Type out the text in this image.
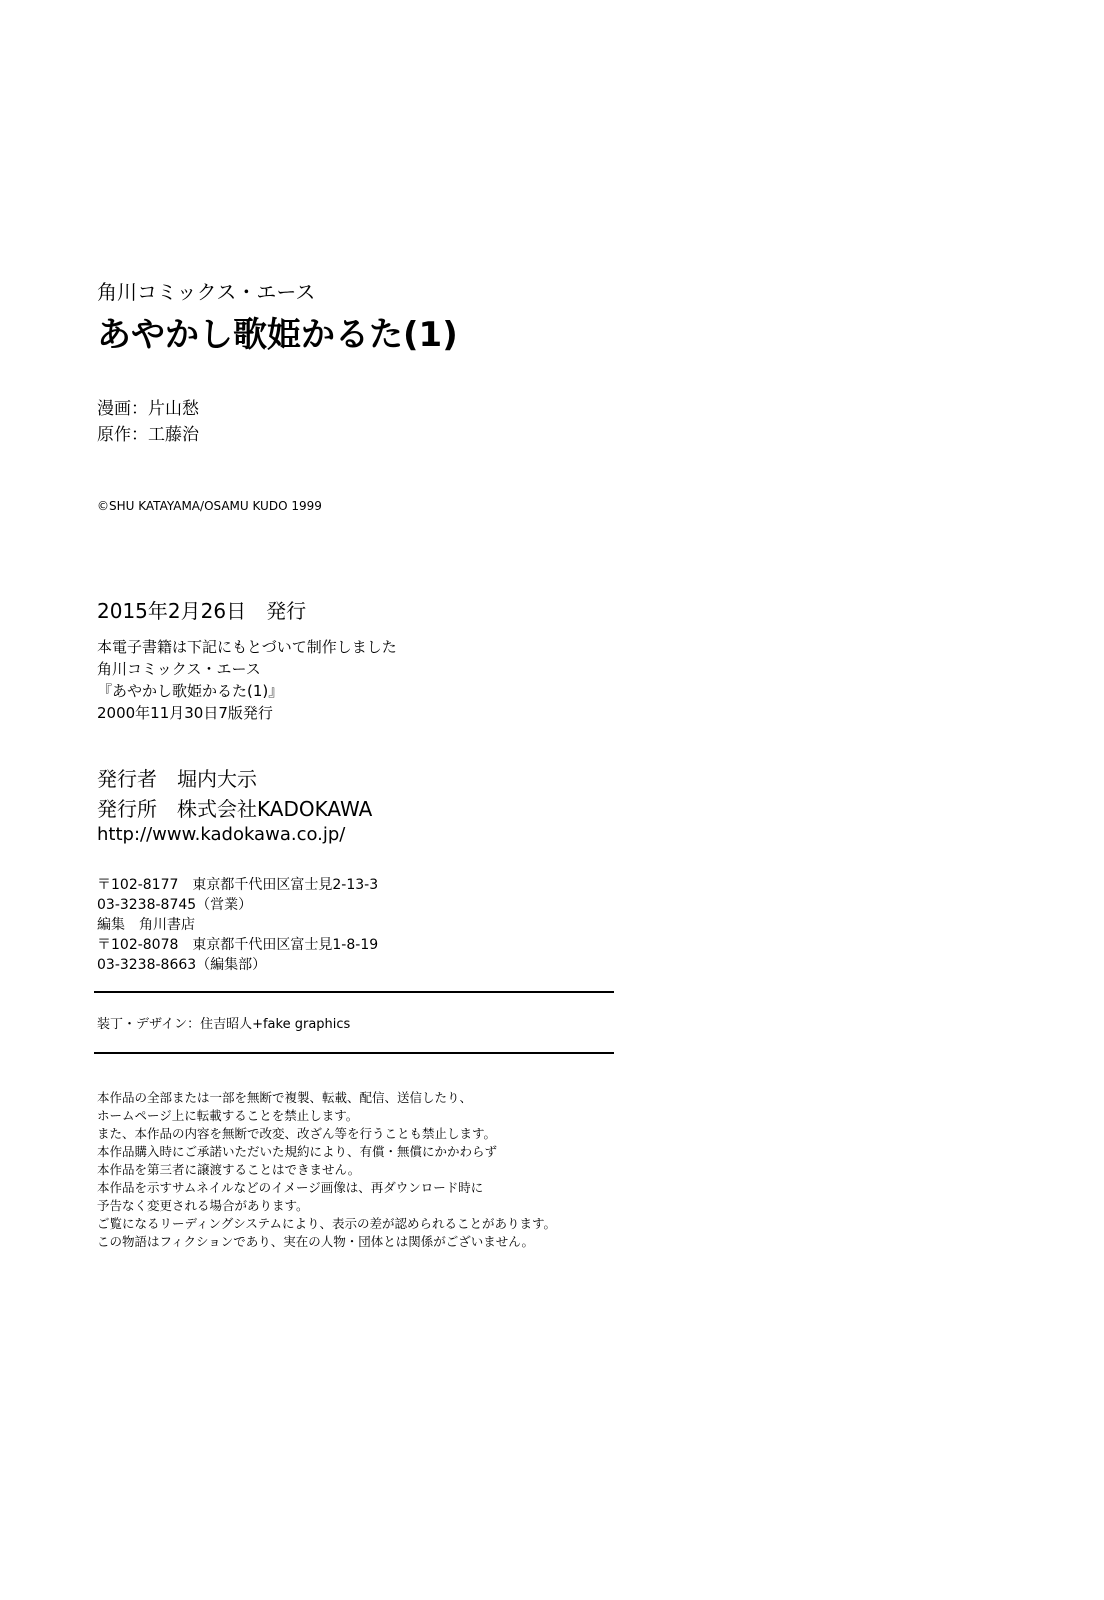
角川コミックス・エース

あやかし歌姫かるた(1)

漫画：片山愁

原作：工藤治

©SHU KATAYAMA/OSAMU KUDO 1999

2015年2月26日　発行

本電子書籍は下記にもとづいて制作しました

角川コミックス・エース

『あやかし歌姫かるた(1)』

2000年11月30日7版発行

発行者　堀内大示

発行所　株式会社KADOKAWA

http://www.kadokawa.co.jp/

〒102-8177　東京都千代田区富士見2-13-3

03-3238-8745（営業）

編集　角川書店

〒102-8078　東京都千代田区富士見1-8-19

03-3238-8663（編集部）

装丁・デザイン：住吉昭人+fake graphics

本作品の全部または一部を無断で複製、転載、配信、送信したり、

ホームページ上に転載することを禁止します。

また、本作品の内容を無断で改変、改ざん等を行うことも禁止します。

本作品購入時にご承諾いただいた規約により、有償・無償にかかわらず

本作品を第三者に譲渡することはできません。

本作品を示すサムネイルなどのイメージ画像は、再ダウンロード時に

予告なく変更される場合があります。

ご覧になるリーディングシステムにより、表示の差が認められることがあります。

この物語はフィクションであり、実在の人物・団体とは関係がございません。
